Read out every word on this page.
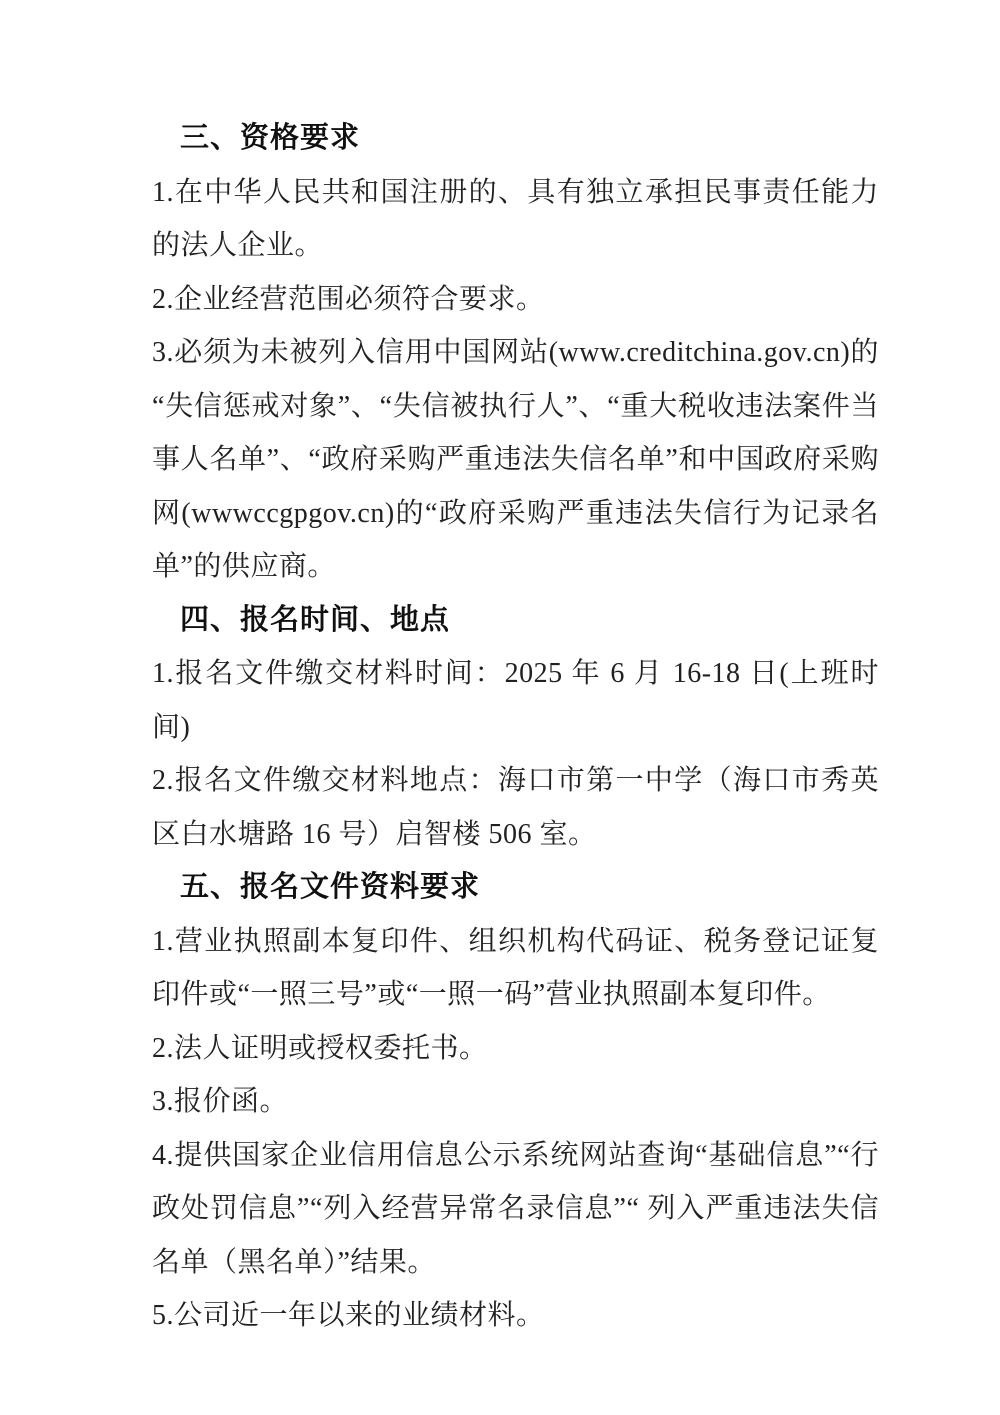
三、资格要求

1.在中华人民共和国注册的、具有独立承担民事责任能力的法人企业。

2.企业经营范围必须符合要求。

3.必须为未被列入信用中国网站(www.creditchina.gov.cn)的“失信惩戒对象”、“失信被执行人”、“重大税收违法案件当事人名单”、“政府采购严重违法失信名单”和中国政府采购网(wwwccgpgov.cn)的“政府采购严重违法失信行为记录名单”的供应商。

四、报名时间、地点

1.报名文件缴交材料时间：2025 年 6 月 16-18 日(上班时间)

2.报名文件缴交材料地点：海口市第一中学（海口市秀英区白水塘路 16 号）启智楼 506 室。

五、报名文件资料要求

1.营业执照副本复印件、组织机构代码证、税务登记证复印件或“一照三号”或“一照一码”营业执照副本复印件。

2.法人证明或授权委托书。

3.报价函。

4.提供国家企业信用信息公示系统网站查询“基础信息”“行政处罚信息”“列入经营异常名录信息”“ 列入严重违法失信名单（黑名单）”结果。

5.公司近一年以来的业绩材料。
